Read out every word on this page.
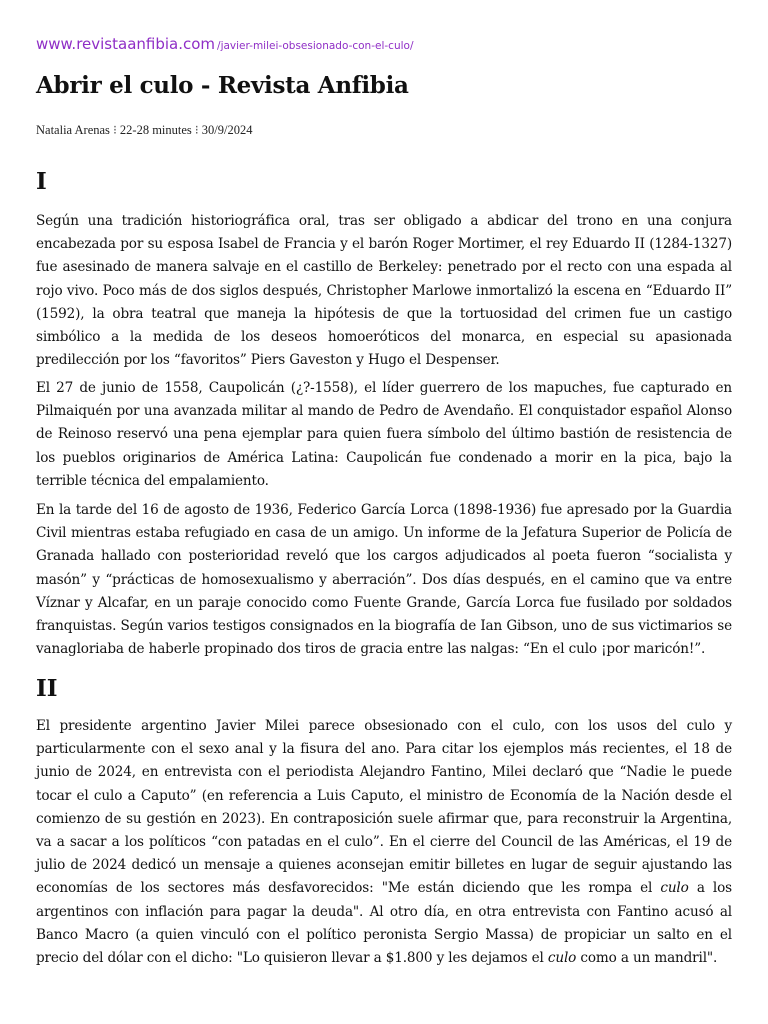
www.revistaanfibia.com /javier-milei-obsesionado-con-el-culo/
Abrir el culo - Revista Anfibia
Natalia Arenas ⁝ 22-28 minutes ⁝ 30/9/2024
I

Según una tradición historiográfica oral, tras ser obligado a abdicar del trono en una conjura encabezada por su esposa Isabel de Francia y el barón Roger Mortimer, el rey Eduardo II (1284-1327) fue asesinado de manera salvaje en el castillo de Berkeley: penetrado por el recto con una espada al rojo vivo. Poco más de dos siglos después, Christopher Marlowe inmortalizó la escena en “Eduardo II” (1592), la obra teatral que maneja la hipótesis de que la tortuosidad del crimen fue un castigo simbólico a la medida de los deseos homoeróticos del monarca, en especial su apasionada predilección por los “favoritos” Piers Gaveston y Hugo el Despenser.

El 27 de junio de 1558, Caupolicán (¿?-1558), el líder guerrero de los mapuches, fue capturado en Pilmaiquén por una avanzada militar al mando de Pedro de Avendaño. El conquistador español Alonso de Reinoso reservó una pena ejemplar para quien fuera símbolo del último bastión de resistencia de los pueblos originarios de América Latina: Caupolicán fue condenado a morir en la pica, bajo la terrible técnica del empalamiento.

En la tarde del 16 de agosto de 1936, Federico García Lorca (1898-1936) fue apresado por la Guardia Civil mientras estaba refugiado en casa de un amigo. Un informe de la Jefatura Superior de Policía de Granada hallado con posterioridad reveló que los cargos adjudicados al poeta fueron “socialista y masón” y “prácticas de homosexualismo y aberración”. Dos días después, en el camino que va entre Víznar y Alcafar, en un paraje conocido como Fuente Grande, García Lorca fue fusilado por soldados franquistas. Según varios testigos consignados en la biografía de Ian Gibson, uno de sus victimarios se vanagloriaba de haberle propinado dos tiros de gracia entre las nalgas: “En el culo ¡por maricón!”.

II

El presidente argentino Javier Milei parece obsesionado con el culo, con los usos del culo y particularmente con el sexo anal y la fisura del ano. Para citar los ejemplos más recientes, el 18 de junio de 2024, en entrevista con el periodista Alejandro Fantino, Milei declaró que “Nadie le puede tocar el culo a Caputo” (en referencia a Luis Caputo, el ministro de Economía de la Nación desde el comienzo de su gestión en 2023). En contraposición suele afirmar que, para reconstruir la Argentina, va a sacar a los políticos “con patadas en el culo”. En el cierre del Council de las Américas, el 19 de julio de 2024 dedicó un mensaje a quienes aconsejan emitir billetes en lugar de seguir ajustando las economías de los sectores más desfavorecidos: "Me están diciendo que les rompa el culo a los argentinos con inflación para pagar la deuda". Al otro día, en otra entrevista con Fantino acusó al Banco Macro (a quien vinculó con el político peronista Sergio Massa) de propiciar un salto en el precio del dólar con el dicho: "Lo quisieron llevar a $1.800 y les dejamos el culo como a un mandril".
